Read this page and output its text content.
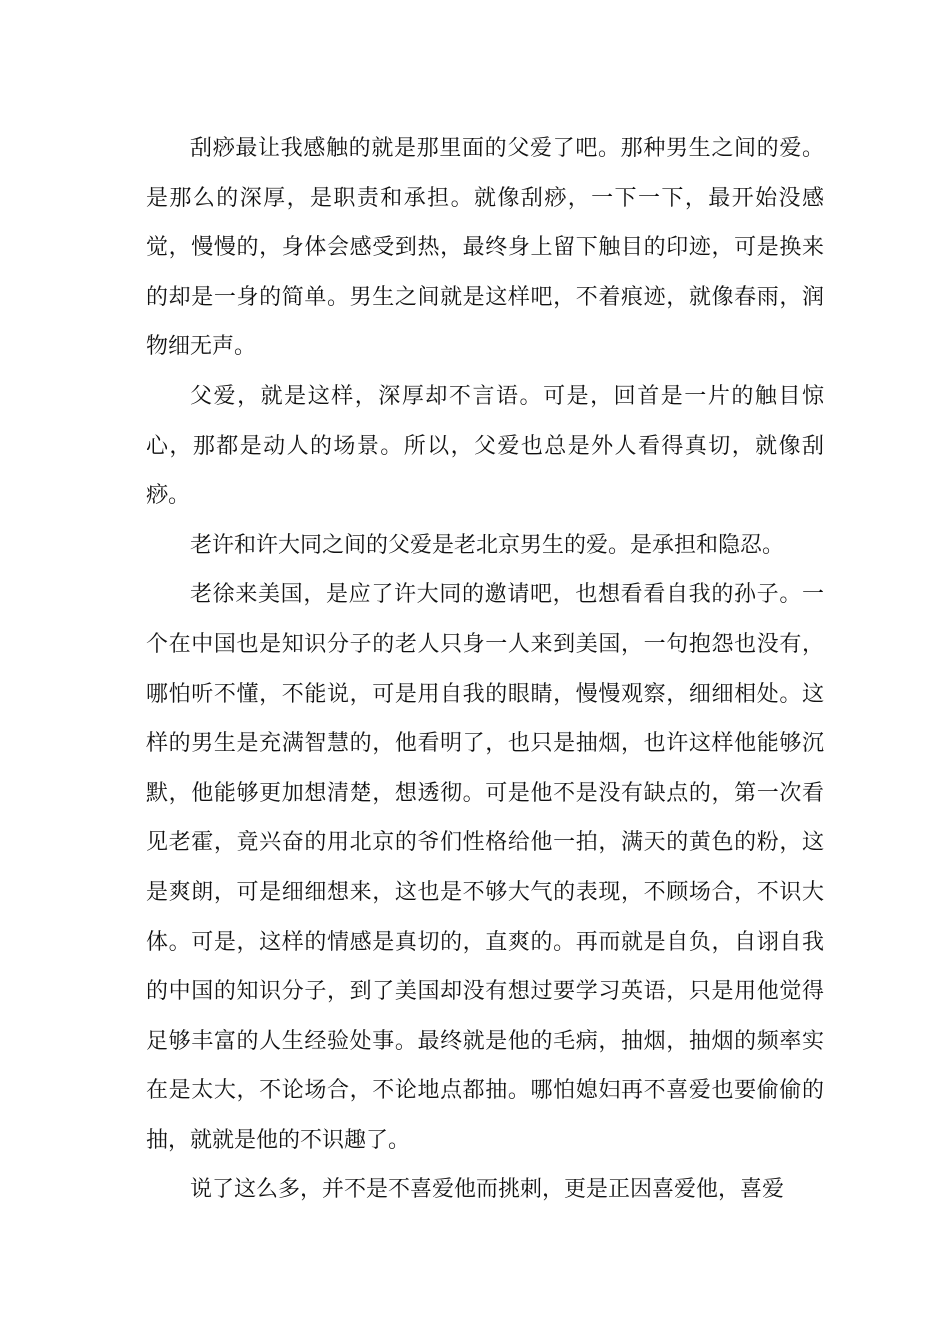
刮痧最让我感触的就是那里面的父爱了吧。那种男生之间的爱。是那么的深厚，是职责和承担。就像刮痧，一下一下，最开始没感觉，慢慢的，身体会感受到热，最终身上留下触目的印迹，可是换来的却是一身的简单。男生之间就是这样吧，不着痕迹，就像春雨，润物细无声。

父爱，就是这样，深厚却不言语。可是，回首是一片的触目惊心，那都是动人的场景。所以，父爱也总是外人看得真切，就像刮痧。

老许和许大同之间的父爱是老北京男生的爱。是承担和隐忍。

老徐来美国，是应了许大同的邀请吧，也想看看自我的孙子。一个在中国也是知识分子的老人只身一人来到美国，一句抱怨也没有，哪怕听不懂，不能说，可是用自我的眼睛，慢慢观察，细细相处。这样的男生是充满智慧的，他看明了，也只是抽烟，也许这样他能够沉默，他能够更加想清楚，想透彻。可是他不是没有缺点的，第一次看见老霍，竟兴奋的用北京的爷们性格给他一拍，满天的黄色的粉，这是爽朗，可是细细想来，这也是不够大气的表现，不顾场合，不识大体。可是，这样的情感是真切的，直爽的。再而就是自负，自诩自我的中国的知识分子，到了美国却没有想过要学习英语，只是用他觉得足够丰富的人生经验处事。最终就是他的毛病，抽烟，抽烟的频率实在是太大，不论场合，不论地点都抽。哪怕媳妇再不喜爱也要偷偷的抽，就就是他的不识趣了。

说了这么多，并不是不喜爱他而挑刺，更是正因喜爱他，喜爱
